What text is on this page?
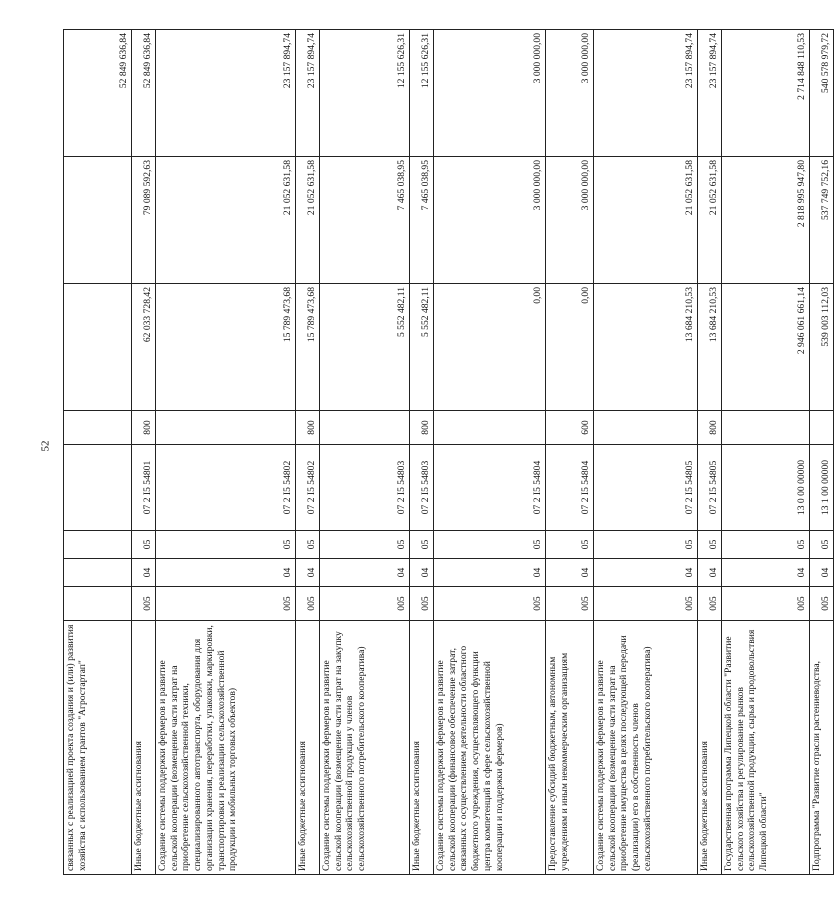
52
связанных с реализацией проекта создания и (или) развития хозяйства с использованием грантов "Агростартап"								52 849 636,84
Иные бюджетные ассигнования	005	04	05	07 2 I5 54801	800	62 033 728,42	79 089 592,63	52 849 636,84
Создание системы поддержки фермеров и развитие сельской кооперации (возмещение части затрат на приобретение сельскохозяйственной техники, специализированного автотранспорта, оборудования для организации хранения, переработки, упаковки, маркировки, транспортировки и реализации сельскохозяйственной продукции и мобильных торговых объектов)	005	04	05	07 2 I5 54802		15 789 473,68	21 052 631,58	23 157 894,74
Иные бюджетные ассигнования	005	04	05	07 2 I5 54802	800	15 789 473,68	21 052 631,58	23 157 894,74
Создание системы поддержки фермеров и развитие сельской кооперации (возмещение части затрат на закупку сельскохозяйственной продукции у членов сельскохозяйственного потребительского кооператива)	005	04	05	07 2 I5 54803		5 552 482,11	7 465 038,95	12 155 626,31
Иные бюджетные ассигнования	005	04	05	07 2 I5 54803	800	5 552 482,11	7 465 038,95	12 155 626,31
Создание системы поддержки фермеров и развитие сельской кооперации (финансовое обеспечение затрат, связанных с осуществлением деятельности областного бюджетного учреждения, осуществляющего функции центра компетенций в сфере сельскохозяйственной кооперации и поддержки фермеров)	005	04	05	07 2 I5 54804		0,00	3 000 000,00	3 000 000,00
Предоставление субсидий бюджетным, автономным учреждениям и иным некоммерческим организациям	005	04	05	07 2 I5 54804	600	0,00	3 000 000,00	3 000 000,00
Создание системы поддержки фермеров и развитие сельской кооперации (возмещение части затрат на приобретение имущества в целях последующей передачи (реализации) его в собственность членов сельскохозяйственного потребительского кооператива)	005	04	05	07 2 I5 54805		13 684 210,53	21 052 631,58	23 157 894,74
Иные бюджетные ассигнования	005	04	05	07 2 I5 54805	800	13 684 210,53	21 052 631,58	23 157 894,74
Государственная программа Липецкой области "Развитие сельского хозяйства и регулирование рынков сельскохозяйственной продукции, сырья и продовольствия Липецкой области"	005	04	05	13 0 00 00000		2 946 061 661,14	2 818 995 947,80	2 714 848 110,53
Подпрограмма "Развитие отрасли растениеводства,	005	04	05	13 1 00 00000		539 003 112,03	537 749 752,16	540 578 979,72
